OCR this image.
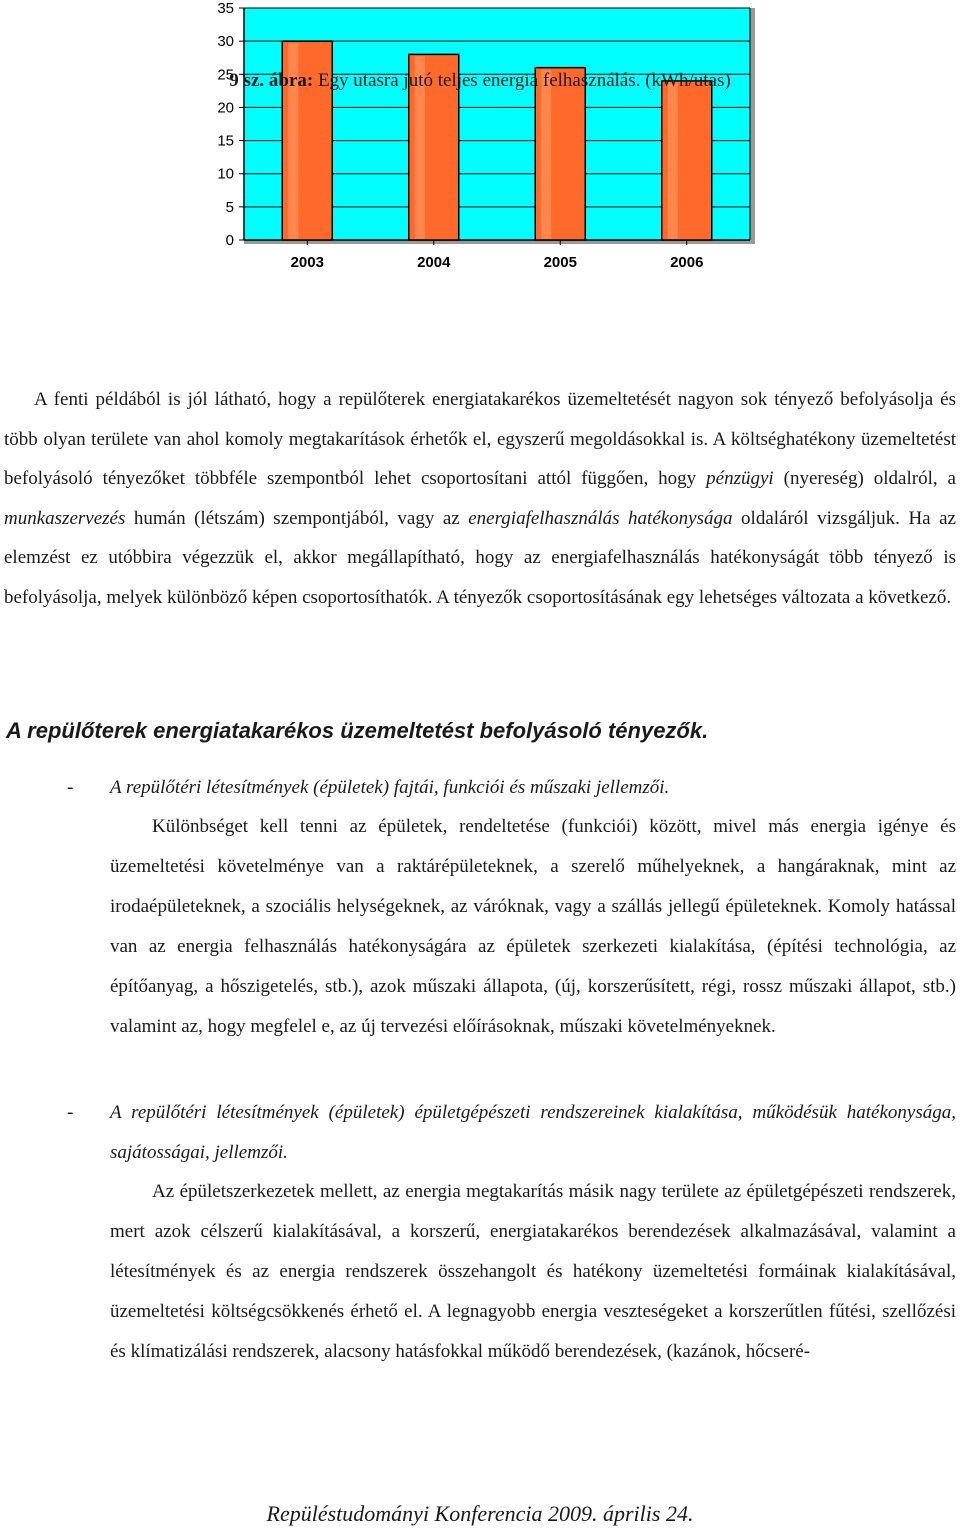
0
5
10
15
20
25
30
35
2003	2004	2005	2006
9 sz. ábra: Egy utasra jutó teljes energia felhasználás. (kWh/utas)

A fenti példából is jól látható, hogy a repülőterek energiatakarékos üzemeltetését nagyon sok tényező befolyásolja és több olyan területe van ahol komoly megtakarítások érhetők el, egyszerű megoldásokkal is. A költséghatékony üzemeltetést befolyásoló tényezőket többféle szempontból lehet csoportosítani attól függően, hogy pénzügyi (nyereség) oldalról, a munkaszervezés humán (létszám) szempontjából, vagy az energiafelhasználás hatékonysága oldaláról vizsgáljuk. Ha az elemzést ez utóbbira végezzük el, akkor megállapítható, hogy az energiafelhasználás hatékonyságát több tényező is befolyásolja, melyek különböző képen csoportosíthatók. A tényezők csoportosításának egy lehetséges változata a következő.

A repülőterek energiatakarékos üzemeltetést befolyásoló tényezők.
- A repülőtéri létesítmények (épületek) fajtái, funkciói és műszaki jellemzői.
Különbséget kell tenni az épületek, rendeltetése (funkciói) között, mivel más energia igénye és üzemeltetési követelménye van a raktárépületeknek, a szerelő műhelyeknek, a hangáraknak, mint az irodaépületeknek, a szociális helységeknek, az váróknak, vagy a szállás jellegű épületeknek. Komoly hatással van az energia felhasználás hatékonyságára az épületek szerkezeti kialakítása, (építési technológia, az építőanyag, a hőszigetelés, stb.), azok műszaki állapota, (új, korszerűsített, régi, rossz műszaki állapot, stb.) valamint az, hogy megfelel e, az új tervezési előírásoknak, műszaki követelményeknek.
- A repülőtéri létesítmények (épületek) épületgépészeti rendszereinek kialakítása, működésük hatékonysága, sajátosságai, jellemzői.
Az épületszerkezetek mellett, az energia megtakarítás másik nagy területe az épületgépészeti rendszerek, mert azok célszerű kialakításával, a korszerű, energiatakarékos berendezések alkalmazásával, valamint a létesítmények és az energia rendszerek összehangolt és hatékony üzemeltetési formáinak kialakításával, üzemeltetési költségcsökkenés érhető el. A legnagyobb energia veszteségeket a korszerűtlen fűtési, szellőzési és klímatizálási rendszerek, alacsony hatásfokkal működő berendezések, (kazánok, hőcseré-
Repüléstudományi Konferencia 2009. április 24.
